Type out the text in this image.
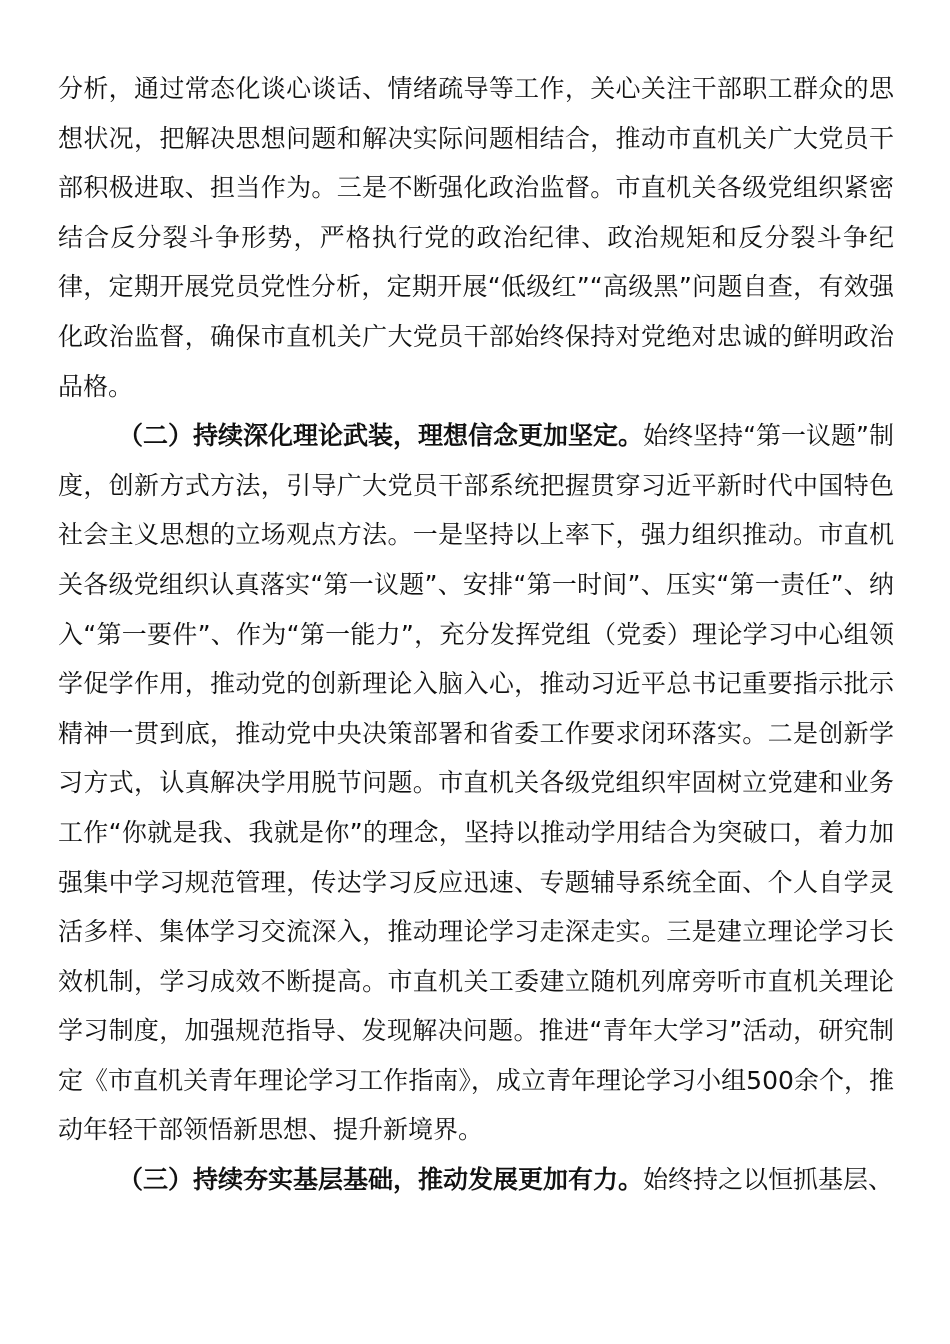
分析，通过常态化谈心谈话、情绪疏导等工作，关心关注干部职工群众的思想状况，把解决思想问题和解决实际问题相结合，推动市直机关广大党员干部积极进取、担当作为。三是不断强化政治监督。市直机关各级党组织紧密结合反分裂斗争形势，严格执行党的政治纪律、政治规矩和反分裂斗争纪律，定期开展党员党性分析，定期开展“低级红”“高级黑”问题自查，有效强化政治监督，确保市直机关广大党员干部始终保持对党绝对忠诚的鲜明政治品格。

（二）持续深化理论武装，理想信念更加坚定。始终坚持“第一议题”制度，创新方式方法，引导广大党员干部系统把握贯穿习近平新时代中国特色社会主义思想的立场观点方法。一是坚持以上率下，强力组织推动。市直机关各级党组织认真落实“第一议题”、安排“第一时间”、压实“第一责任”、纳入“第一要件”、作为“第一能力”，充分发挥党组（党委）理论学习中心组领学促学作用，推动党的创新理论入脑入心，推动习近平总书记重要指示批示精神一贯到底，推动党中央决策部署和省委工作要求闭环落实。二是创新学习方式，认真解决学用脱节问题。市直机关各级党组织牢固树立党建和业务工作“你就是我、我就是你”的理念，坚持以推动学用结合为突破口，着力加强集中学习规范管理，传达学习反应迅速、专题辅导系统全面、个人自学灵活多样、集体学习交流深入，推动理论学习走深走实。三是建立理论学习长效机制，学习成效不断提高。市直机关工委建立随机列席旁听市直机关理论学习制度，加强规范指导、发现解决问题。推进“青年大学习”活动，研究制定《市直机关青年理论学习工作指南》，成立青年理论学习小组500余个，推动年轻干部领悟新思想、提升新境界。

（三）持续夯实基层基础，推动发展更加有力。始终持之以恒抓基层、
